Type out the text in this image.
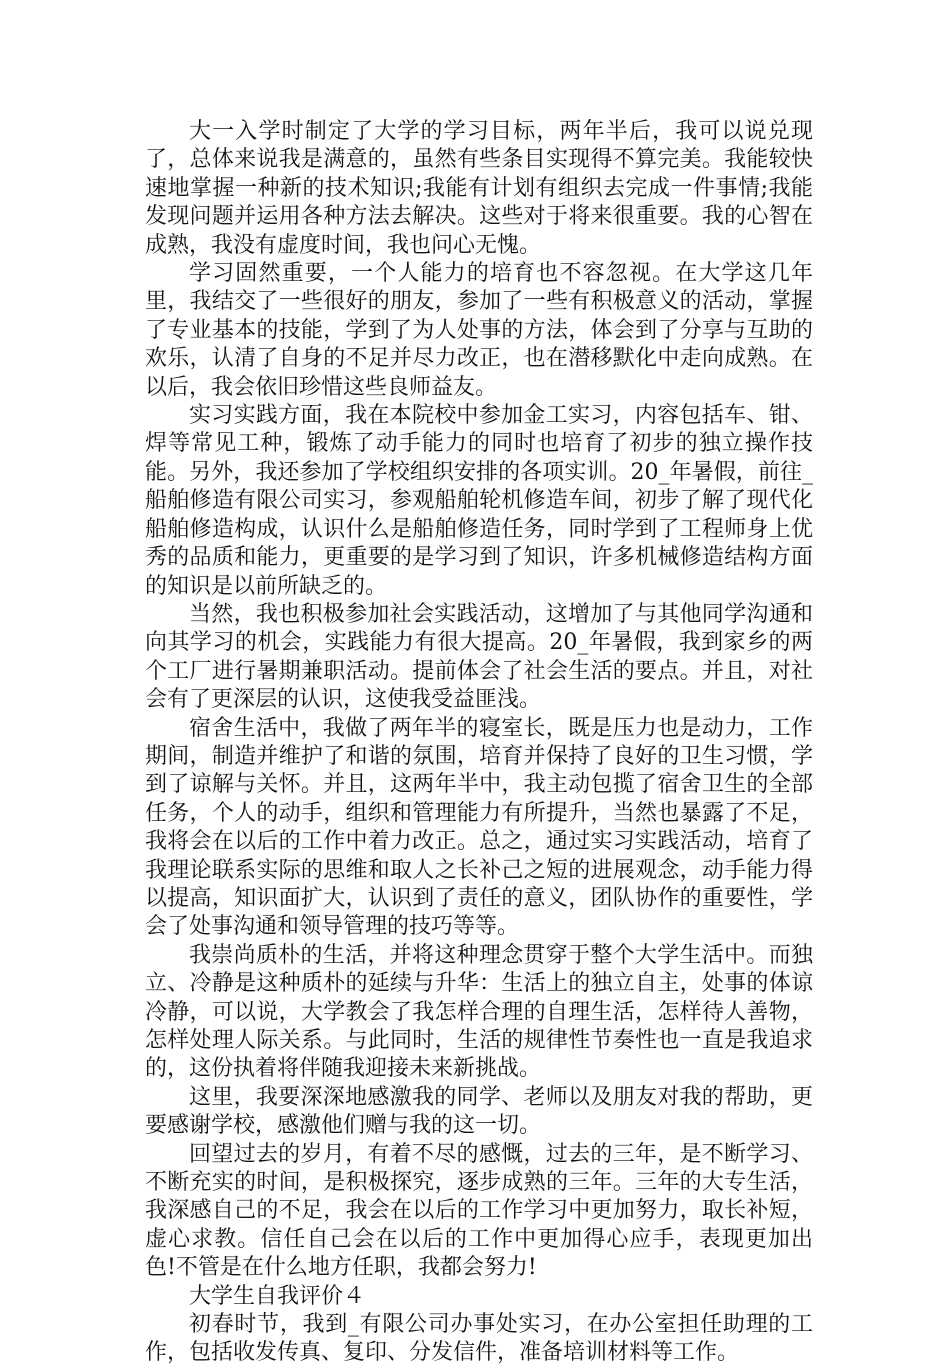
大一入学时制定了大学的学习目标，两年半后，我可以说兑现了，总体来说我是满意的，虽然有些条目实现得不算完美。我能较快速地掌握一种新的技术知识;我能有计划有组织去完成一件事情;我能发现问题并运用各种方法去解决。这些对于将来很重要。我的心智在成熟，我没有虚度时间，我也问心无愧。

学习固然重要，一个人能力的培育也不容忽视。在大学这几年里，我结交了一些很好的朋友，参加了一些有积极意义的活动，掌握了专业基本的技能，学到了为人处事的方法，体会到了分享与互助的欢乐，认清了自身的不足并尽力改正，也在潜移默化中走向成熟。在以后，我会依旧珍惜这些良师益友。

实习实践方面，我在本院校中参加金工实习，内容包括车、钳、焊等常见工种，锻炼了动手能力的同时也培育了初步的独立操作技能。另外，我还参加了学校组织安排的各项实训。20_年暑假，前往_船舶修造有限公司实习，参观船舶轮机修造车间，初步了解了现代化船舶修造构成，认识什么是船舶修造任务，同时学到了工程师身上优秀的品质和能力，更重要的是学习到了知识，许多机械修造结构方面的知识是以前所缺乏的。

当然，我也积极参加社会实践活动，这增加了与其他同学沟通和向其学习的机会，实践能力有很大提高。20_年暑假，我到家乡的两个工厂进行暑期兼职活动。提前体会了社会生活的要点。并且，对社会有了更深层的认识，这使我受益匪浅。

宿舍生活中，我做了两年半的寝室长，既是压力也是动力，工作期间，制造并维护了和谐的氛围，培育并保持了良好的卫生习惯，学到了谅解与关怀。并且，这两年半中，我主动包揽了宿舍卫生的全部任务，个人的动手，组织和管理能力有所提升，当然也暴露了不足，我将会在以后的工作中着力改正。总之，通过实习实践活动，培育了我理论联系实际的思维和取人之长补己之短的进展观念，动手能力得以提高，知识面扩大，认识到了责任的意义，团队协作的重要性，学会了处事沟通和领导管理的技巧等等。

我崇尚质朴的生活，并将这种理念贯穿于整个大学生活中。而独立、冷静是这种质朴的延续与升华：生活上的独立自主，处事的体谅冷静，可以说，大学教会了我怎样合理的自理生活，怎样待人善物，怎样处理人际关系。与此同时，生活的规律性节奏性也一直是我追求的，这份执着将伴随我迎接未来新挑战。

这里，我要深深地感激我的同学、老师以及朋友对我的帮助，更要感谢学校，感激他们赠与我的这一切。

回望过去的岁月，有着不尽的感慨，过去的三年，是不断学习、不断充实的时间，是积极探究，逐步成熟的三年。三年的大专生活，我深感自己的不足，我会在以后的工作学习中更加努力，取长补短，虚心求教。信任自己会在以后的工作中更加得心应手，表现更加出色!不管是在什么地方任职，我都会努力!

大学生自我评价４

初春时节，我到_有限公司办事处实习，在办公室担任助理的工作，包括收发传真、复印、分发信件，准备培训材料等工作。
